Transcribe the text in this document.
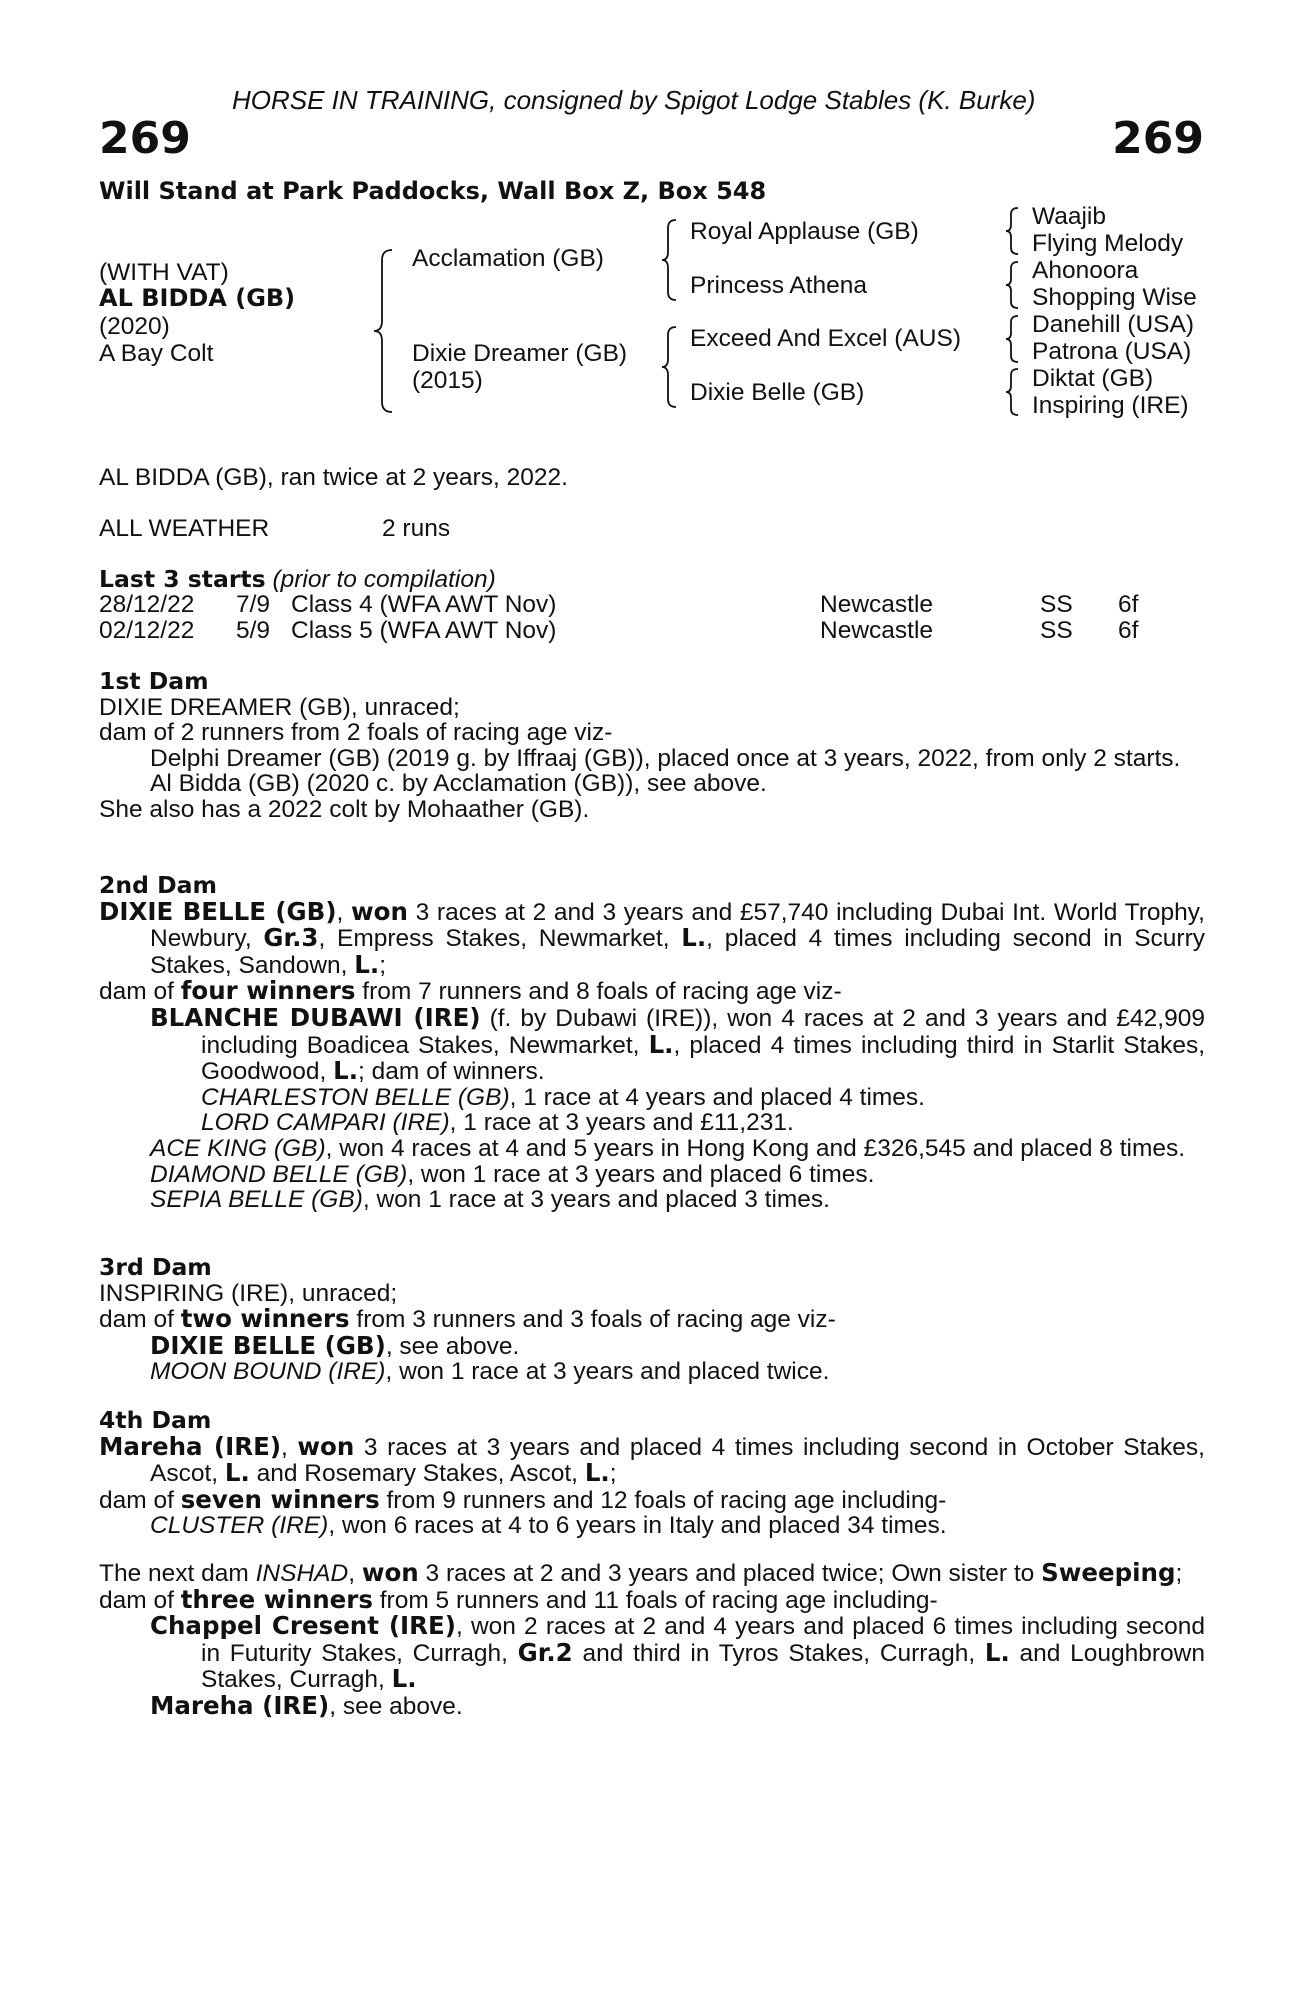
HORSE IN TRAINING, consigned by Spigot Lodge Stables (K. Burke)
269	269
Will Stand at Park Paddocks, Wall Box Z, Box 548
(WITH VAT)
AL BIDDA (GB)
(2020)
A Bay Colt
Acclamation (GB)
Dixie Dreamer (GB)
(2015)
Royal Applause (GB)
Princess Athena
Exceed And Excel (AUS)
Dixie Belle (GB)
Waajib
Flying Melody
Ahonoora
Shopping Wise
Danehill (USA)
Patrona (USA)
Diktat (GB)
Inspiring (IRE)
AL BIDDA (GB), ran twice at 2 years, 2022.
ALL WEATHER	2 runs
Last 3 starts (prior to compilation)
28/12/22 7/9 Class 4 (WFA AWT Nov)	Newcastle	SS 6f
02/12/22 5/9 Class 5 (WFA AWT Nov)	Newcastle	SS 6f
1st Dam
DIXIE DREAMER (GB), unraced;
dam of 2 runners from 2 foals of racing age viz-
Delphi Dreamer (GB) (2019 g. by Iffraaj (GB)), placed once at 3 years, 2022, from only 2 starts.
Al Bidda (GB) (2020 c. by Acclamation (GB)), see above.
She also has a 2022 colt by Mohaather (GB).
2nd Dam
DIXIE BELLE (GB), won 3 races at 2 and 3 years and £57,740 including Dubai Int. World Trophy, Newbury, Gr.3, Empress Stakes, Newmarket, L., placed 4 times including second in Scurry Stakes, Sandown, L.;
dam of four winners from 7 runners and 8 foals of racing age viz-
BLANCHE DUBAWI (IRE) (f. by Dubawi (IRE)), won 4 races at 2 and 3 years and £42,909 including Boadicea Stakes, Newmarket, L., placed 4 times including third in Starlit Stakes, Goodwood, L.; dam of winners.
CHARLESTON BELLE (GB), 1 race at 4 years and placed 4 times.
LORD CAMPARI (IRE), 1 race at 3 years and £11,231.
ACE KING (GB), won 4 races at 4 and 5 years in Hong Kong and £326,545 and placed 8 times.
DIAMOND BELLE (GB), won 1 race at 3 years and placed 6 times.
SEPIA BELLE (GB), won 1 race at 3 years and placed 3 times.
3rd Dam
INSPIRING (IRE), unraced;
dam of two winners from 3 runners and 3 foals of racing age viz-
DIXIE BELLE (GB), see above.
MOON BOUND (IRE), won 1 race at 3 years and placed twice.
4th Dam
Mareha (IRE), won 3 races at 3 years and placed 4 times including second in October Stakes, Ascot, L. and Rosemary Stakes, Ascot, L.;
dam of seven winners from 9 runners and 12 foals of racing age including-
CLUSTER (IRE), won 6 races at 4 to 6 years in Italy and placed 34 times.
The next dam INSHAD, won 3 races at 2 and 3 years and placed twice; Own sister to Sweeping;
dam of three winners from 5 runners and 11 foals of racing age including-
Chappel Cresent (IRE), won 2 races at 2 and 4 years and placed 6 times including second in Futurity Stakes, Curragh, Gr.2 and third in Tyros Stakes, Curragh, L. and Loughbrown Stakes, Curragh, L.
Mareha (IRE), see above.
